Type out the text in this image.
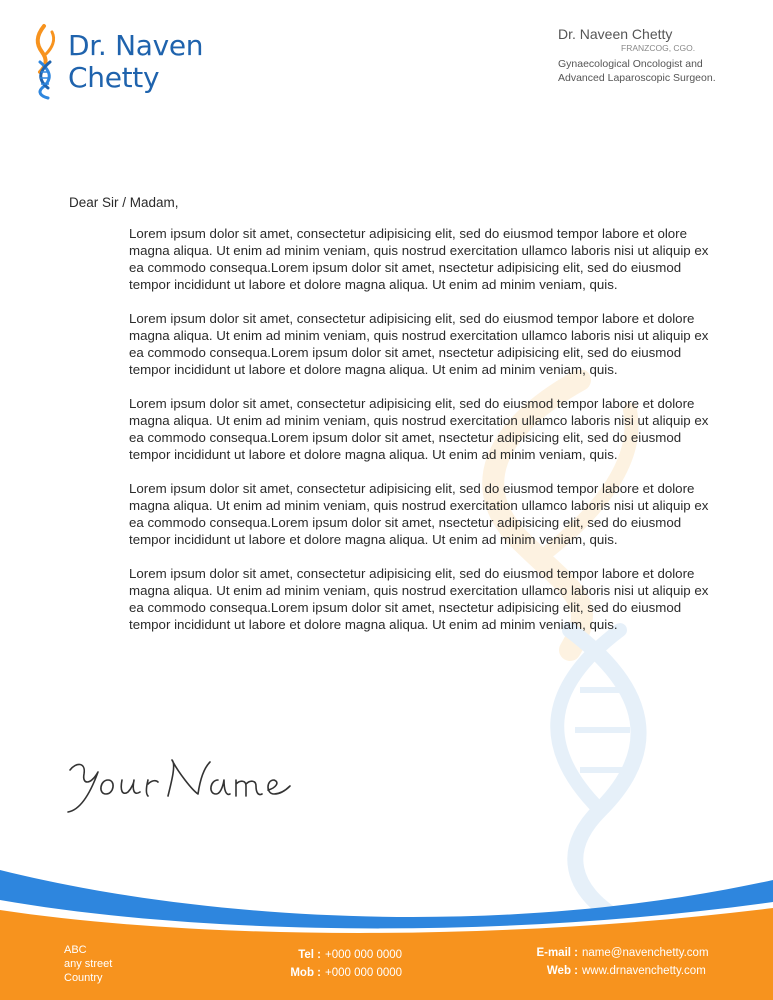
Dr. Naven
Chetty
Dr. Naveen Chetty
FRANZCOG, CGO.
Gynaecological Oncologist and
Advanced Laparoscopic Surgeon.
Dear Sir / Madam,

Lorem ipsum dolor sit amet, consectetur adipisicing elit, sed do eiusmod tempor labore et olore magna aliqua. Ut enim ad minim veniam, quis nostrud exercitation ullamco laboris nisi ut aliquip ex ea commodo consequa.Lorem ipsum dolor sit amet, nsectetur adipisicing elit, sed do eiusmod tempor incididunt ut labore et dolore magna aliqua. Ut enim ad minim veniam, quis.

Lorem ipsum dolor sit amet, consectetur adipisicing elit, sed do eiusmod tempor labore et dolore magna aliqua. Ut enim ad minim veniam, quis nostrud exercitation ullamco laboris nisi ut aliquip ex ea commodo consequa.Lorem ipsum dolor sit amet, nsectetur adipisicing elit, sed do eiusmod tempor incididunt ut labore et dolore magna aliqua. Ut enim ad minim veniam, quis.

Lorem ipsum dolor sit amet, consectetur adipisicing elit, sed do eiusmod tempor labore et dolore magna aliqua. Ut enim ad minim veniam, quis nostrud exercitation ullamco laboris nisi ut aliquip ex ea commodo consequa.Lorem ipsum dolor sit amet, nsectetur adipisicing elit, sed do eiusmod tempor incididunt ut labore et dolore magna aliqua. Ut enim ad minim veniam, quis.

Lorem ipsum dolor sit amet, consectetur adipisicing elit, sed do eiusmod tempor labore et dolore magna aliqua. Ut enim ad minim veniam, quis nostrud exercitation ullamco laboris nisi ut aliquip ex ea commodo consequa.Lorem ipsum dolor sit amet, nsectetur adipisicing elit, sed do eiusmod tempor incididunt ut labore et dolore magna aliqua. Ut enim ad minim veniam, quis.

Lorem ipsum dolor sit amet, consectetur adipisicing elit, sed do eiusmod tempor labore et dolore magna aliqua. Ut enim ad minim veniam, quis nostrud exercitation ullamco laboris nisi ut aliquip ex ea commodo consequa.Lorem ipsum dolor sit amet, nsectetur adipisicing elit, sed do eiusmod tempor incididunt ut labore et dolore magna aliqua. Ut enim ad minim veniam, quis.

ABC
any street
Country
Tel : +000 000 0000
Mob : +000 000 0000
E-mail : name@navenchetty.com
Web : www.drnavenchetty.com
